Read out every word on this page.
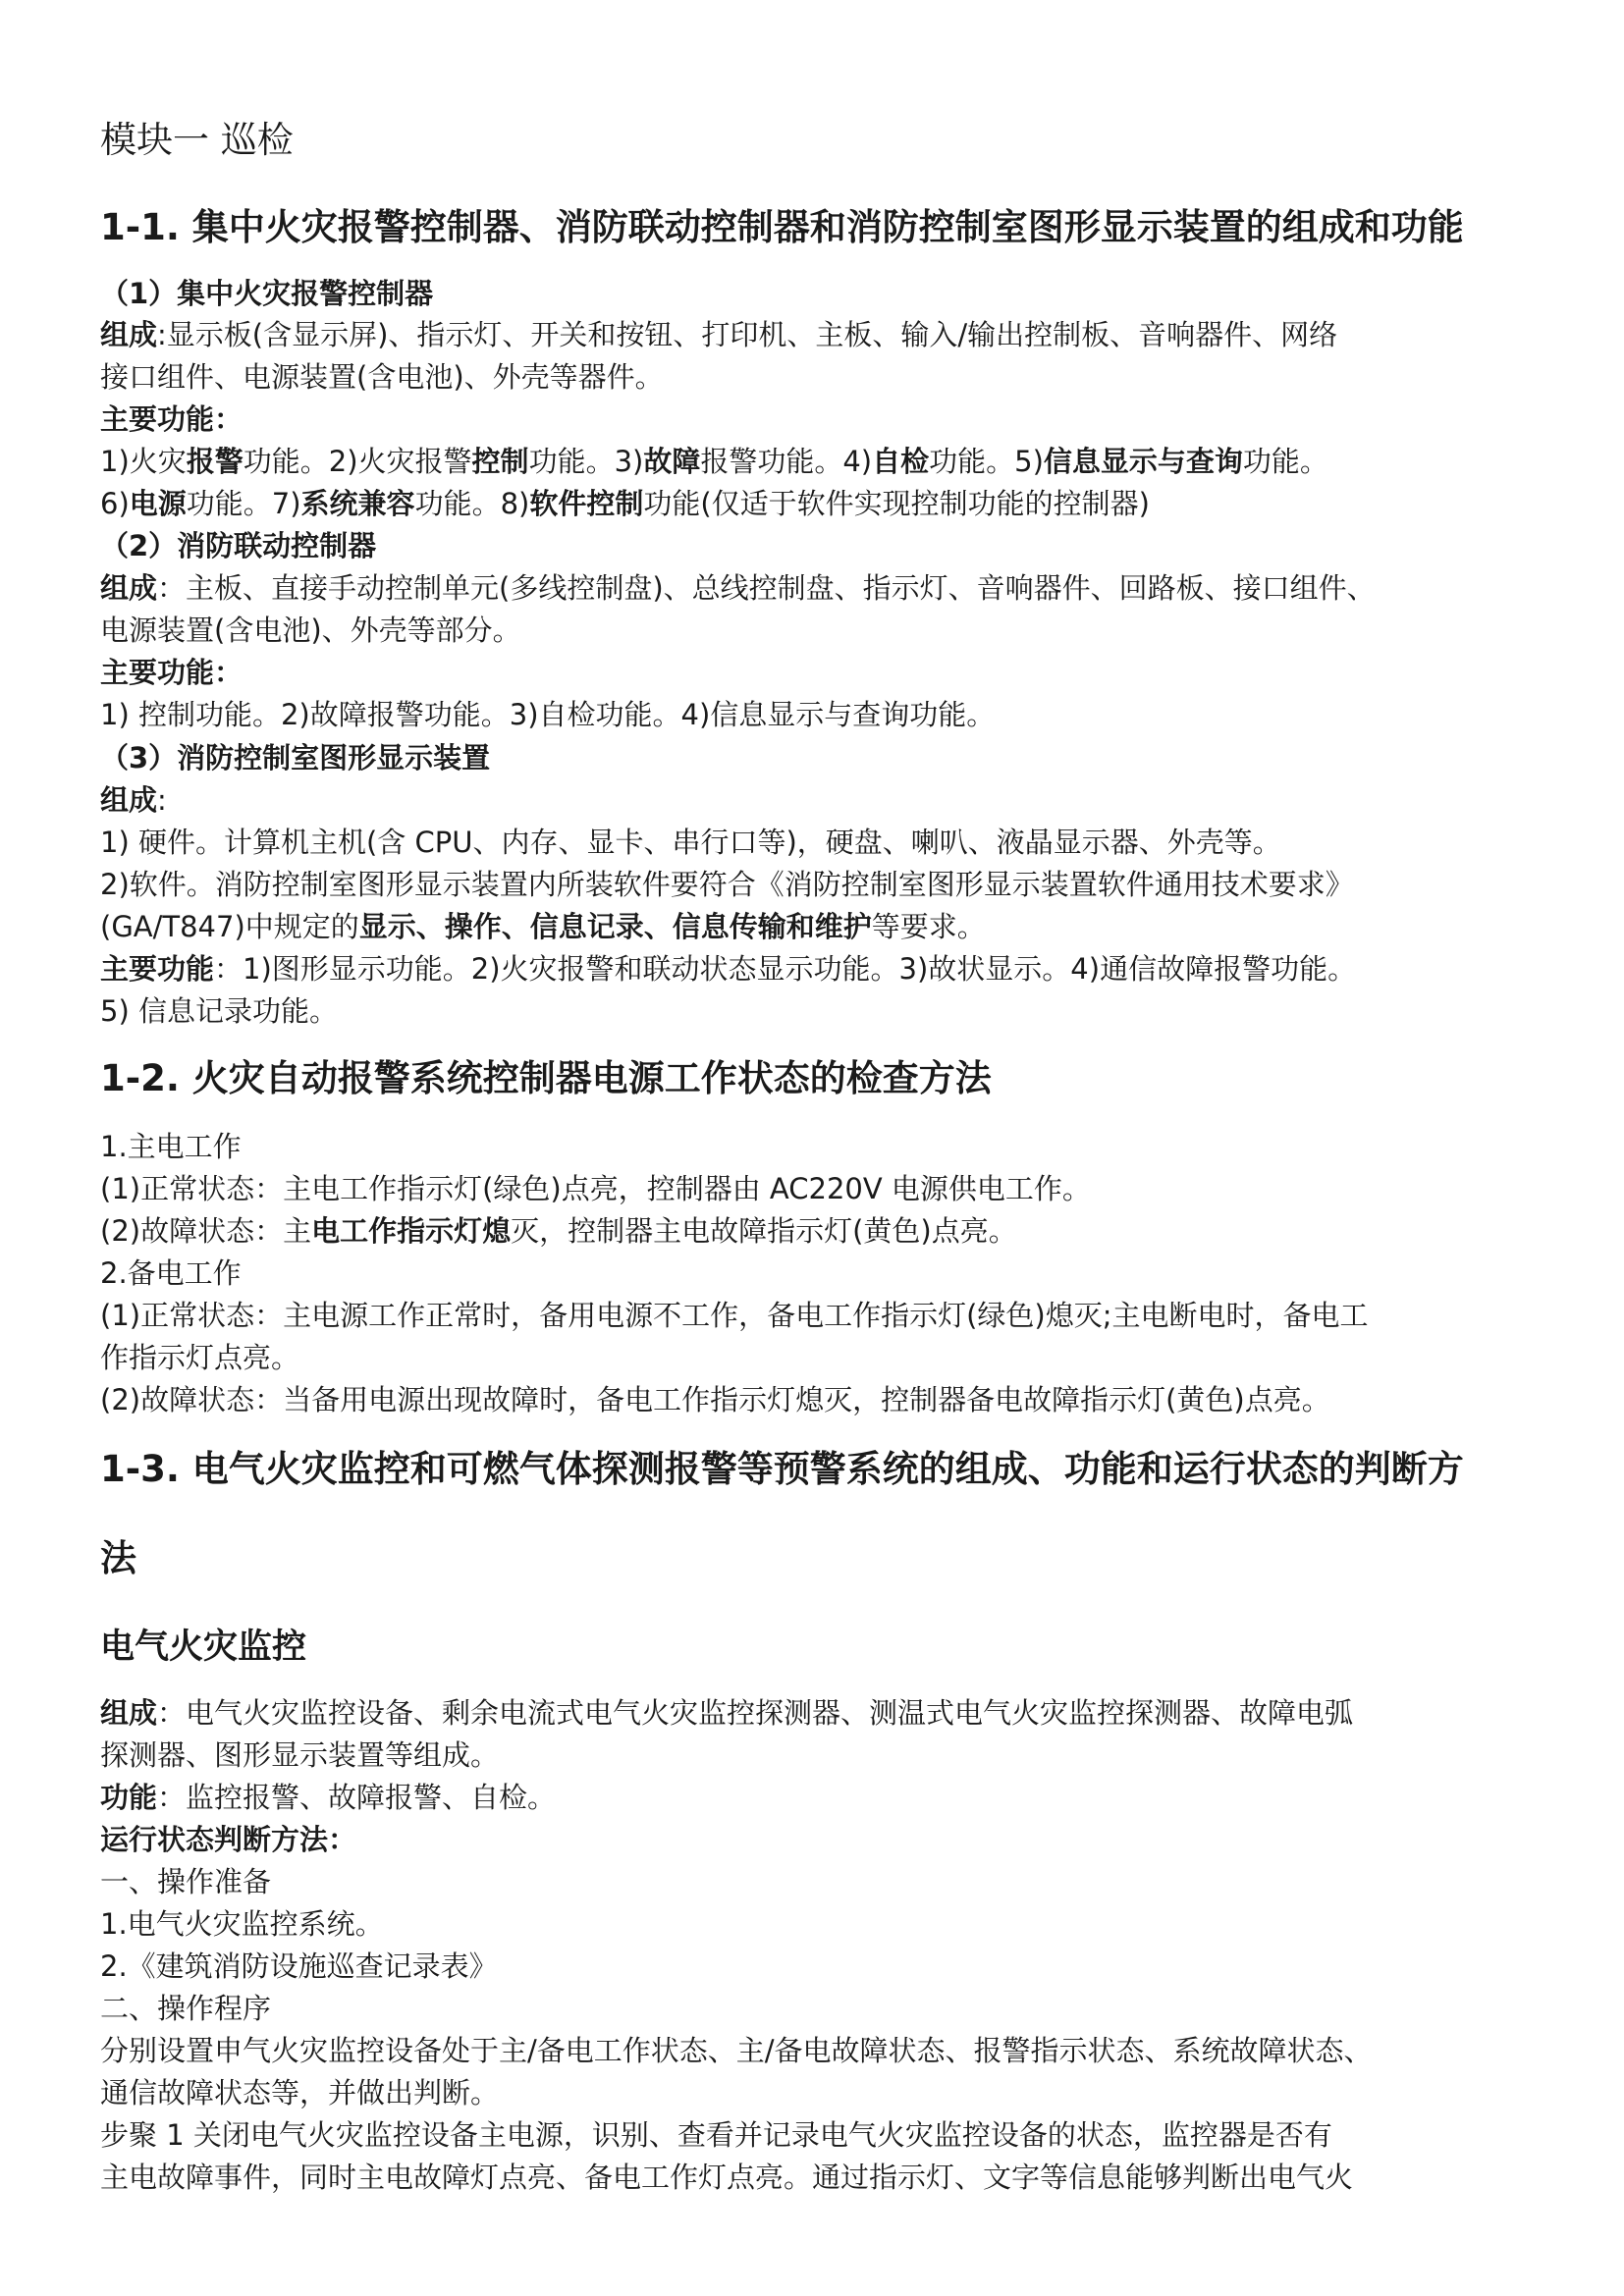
模块一 巡检
1-1. 集中火灾报警控制器、消防联动控制器和消防控制室图形显示装置的组成和功能
（1）集中火灾报警控制器
组成:显示板(含显示屏)、指示灯、开关和按钮、打印机、主板、输入/输出控制板、音响器件、网络
接口组件、电源装置(含电池)、外壳等器件。
主要功能：
1)火灾报警功能。2)火灾报警控制功能。3)故障报警功能。4)自检功能。5)信息显示与查询功能。
6)电源功能。7)系统兼容功能。8)软件控制功能(仅适于软件实现控制功能的控制器)
（2）消防联动控制器
组成：主板、直接手动控制单元(多线控制盘)、总线控制盘、指示灯、音响器件、回路板、接口组件、
电源装置(含电池)、外壳等部分。
主要功能：
1) 控制功能。2)故障报警功能。3)自检功能。4)信息显示与查询功能。
（3）消防控制室图形显示装置
组成:
1) 硬件。计算机主机(含 CPU、内存、显卡、串行口等)，硬盘、喇叭、液晶显示器、外壳等。
2)软件。消防控制室图形显示装置内所装软件要符合《消防控制室图形显示装置软件通用技术要求》
(GA/T847)中规定的显示、操作、信息记录、信息传输和维护等要求。
主要功能：1)图形显示功能。2)火灾报警和联动状态显示功能。3)故状显示。4)通信故障报警功能。
5) 信息记录功能。
1-2. 火灾自动报警系统控制器电源工作状态的检查方法
1.主电工作
(1)正常状态：主电工作指示灯(绿色)点亮，控制器由 AC220V 电源供电工作。
(2)故障状态：主电工作指示灯熄灭，控制器主电故障指示灯(黄色)点亮。
2.备电工作
(1)正常状态：主电源工作正常时，备用电源不工作，备电工作指示灯(绿色)熄灭;主电断电时，备电工
作指示灯点亮。
(2)故障状态：当备用电源出现故障时，备电工作指示灯熄灭，控制器备电故障指示灯(黄色)点亮。
1-3. 电气火灾监控和可燃气体探测报警等预警系统的组成、功能和运行状态的判断方
法
电气火灾监控
组成：电气火灾监控设备、剩余电流式电气火灾监控探测器、测温式电气火灾监控探测器、故障电弧
探测器、图形显示装置等组成。
功能：监控报警、故障报警、自检。
运行状态判断方法：
一、操作准备
1.电气火灾监控系统。
2.《建筑消防设施巡查记录表》
二、操作程序
分别设置申气火灾监控设备处于主/备电工作状态、主/备电故障状态、报警指示状态、系统故障状态、
通信故障状态等，并做出判断。
步聚 1 关闭电气火灾监控设备主电源，识别、查看并记录电气火灾监控设备的状态，监控器是否有
主电故障事件，同时主电故障灯点亮、备电工作灯点亮。通过指示灯、文字等信息能够判断出电气火
